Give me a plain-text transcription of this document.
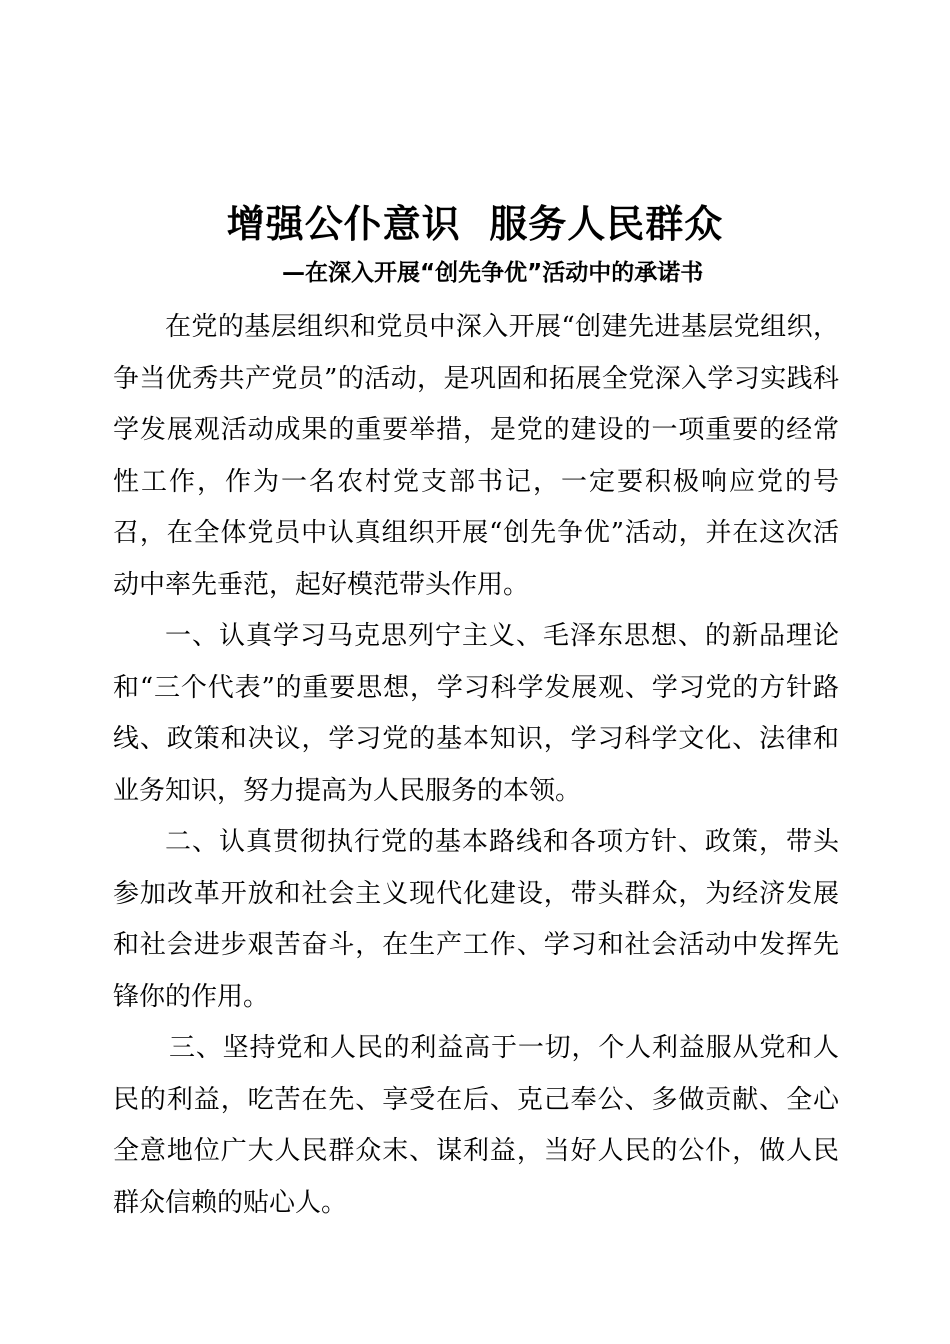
增强公仆意识  服务人民群众
—在深入开展“创先争优”活动中的承诺书

在党的基层组织和党员中深入开展“创建先进基层党组织，争当优秀共产党员”的活动，是巩固和拓展全党深入学习实践科学发展观活动成果的重要举措，是党的建设的一项重要的经常性工作，作为一名农村党支部书记，一定要积极响应党的号召，在全体党员中认真组织开展“创先争优”活动，并在这次活动中率先垂范，起好模范带头作用。

一、认真学习马克思列宁主义、毛泽东思想、的新品理论和“三个代表”的重要思想，学习科学发展观、学习党的方针路线、政策和决议，学习党的基本知识，学习科学文化、法律和业务知识，努力提高为人民服务的本领。

二、认真贯彻执行党的基本路线和各项方针、政策，带头参加改革开放和社会主义现代化建设，带头群众，为经济发展和社会进步艰苦奋斗，在生产工作、学习和社会活动中发挥先锋你的作用。

三、坚持党和人民的利益高于一切，个人利益服从党和人民的利益，吃苦在先、享受在后、克己奉公、多做贡献、全心全意地位广大人民群众末、谋利益，当好人民的公仆，做人民群众信赖的贴心人。
